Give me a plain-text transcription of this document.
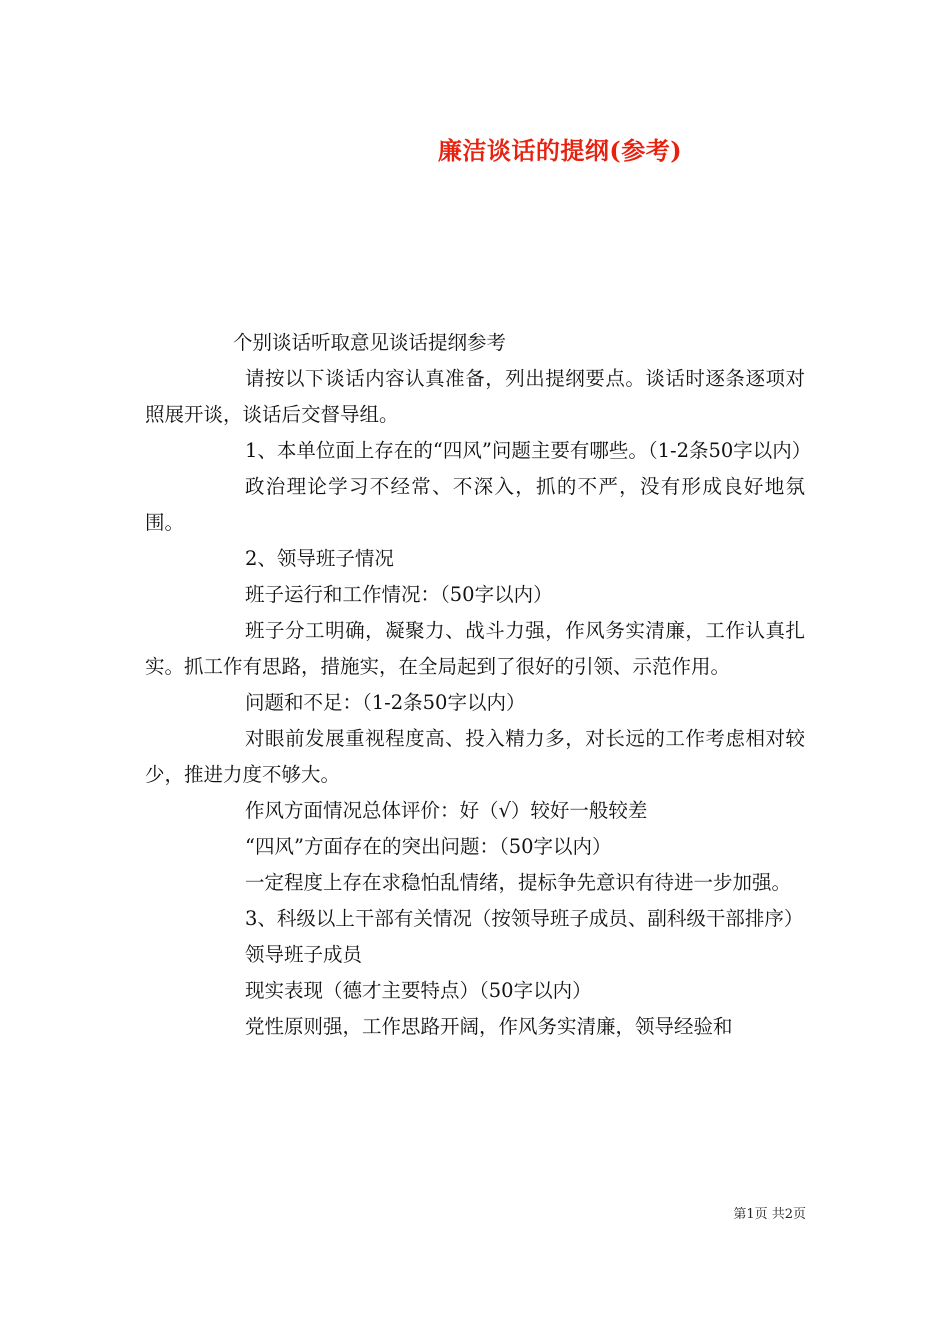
廉洁谈话的提纲(参考)

个别谈话听取意见谈话提纲参考

请按以下谈话内容认真准备，列出提纲要点。谈话时逐条逐项对照展开谈，谈话后交督导组。

1、本单位面上存在的“四风”问题主要有哪些。（1-2条50字以内）

政治理论学习不经常、不深入，抓的不严，没有形成良好地氛围。

2、领导班子情况

班子运行和工作情况：（50字以内）

班子分工明确，凝聚力、战斗力强，作风务实清廉，工作认真扎实。抓工作有思路，措施实，在全局起到了很好的引领、示范作用。

问题和不足：（1-2条50字以内）

对眼前发展重视程度高、投入精力多，对长远的工作考虑相对较少，推进力度不够大。

作风方面情况总体评价：好（√）较好一般较差

“四风”方面存在的突出问题：（50字以内）

一定程度上存在求稳怕乱情绪，提标争先意识有待进一步加强。

3、科级以上干部有关情况（按领导班子成员、副科级干部排序）

领导班子成员

现实表现（德才主要特点）（50字以内）

党性原则强，工作思路开阔，作风务实清廉，领导经验和

第1页 共2页
